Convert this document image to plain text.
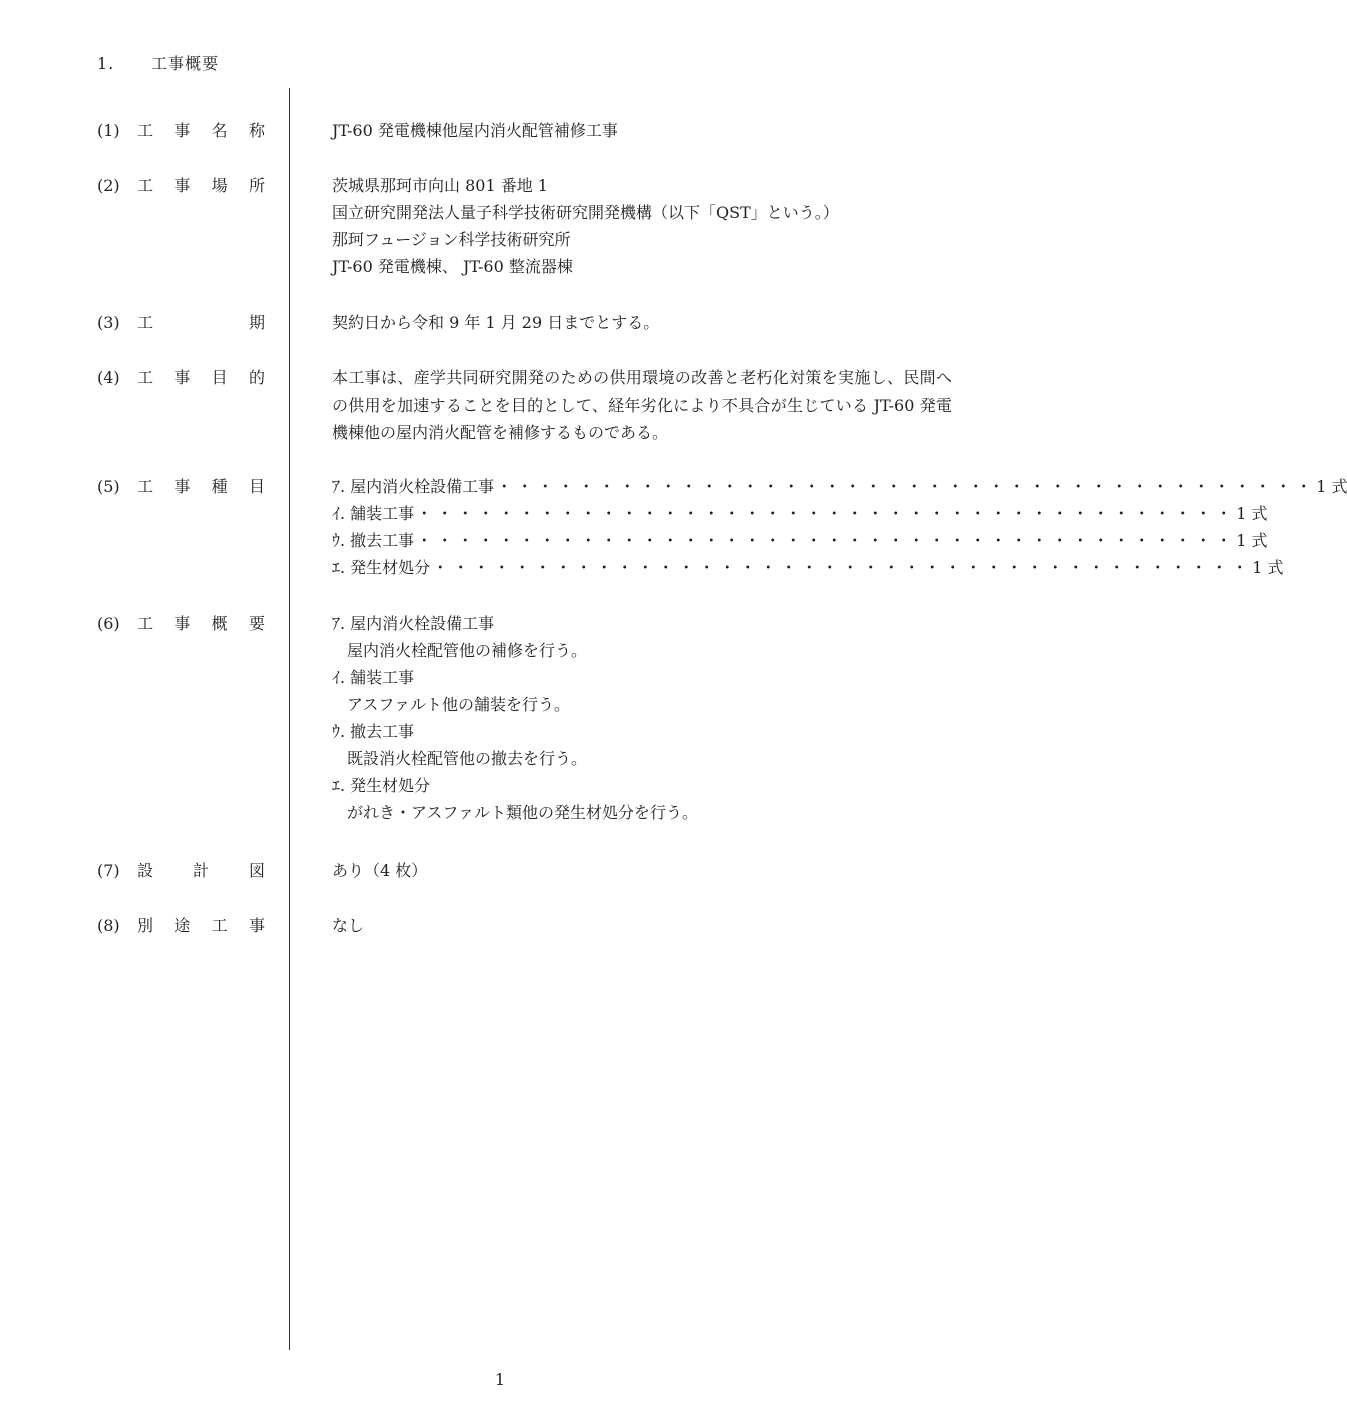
1. 工事概要
(1) 工 事 名 称	JT-60 発電機棟他屋内消火配管補修工事
(2) 工 事 場 所	茨城県那珂市向山 801 番地 1
国立研究開発法人量子科学技術研究開発機構（以下「QST」という。）
那珂フュージョン科学技術研究所
JT-60 発電機棟、 JT-60 整流器棟
(3) 工	期	契約日から令和 9 年 1 月 29 日までとする。
(4) 工 事 目 的	本工事は、産学共同研究開発のための供用環境の改善と老朽化対策を実施し、民間への供用を加速することを目的として、経年劣化により不具合が生じている JT-60 発電機棟他の屋内消火配管を補修するものである。
(5) 工 事 種 目	ｱ. 屋内消火栓設備工事 ・・・・・・・・・・・・・・・・・・・・・・・・・・・・・・・・・・・・・・・・ 1 式
ｲ. 舗装工事 ・・・・・・・・・・・・・・・・・・・・・・・・・・・・・・・・・・・・・・・・ 1 式
ｳ. 撤去工事 ・・・・・・・・・・・・・・・・・・・・・・・・・・・・・・・・・・・・・・・・ 1 式
ｴ. 発生材処分 ・・・・・・・・・・・・・・・・・・・・・・・・・・・・・・・・・・・・・・・・ 1 式
(6) 工 事 概 要	ｱ. 屋内消火栓設備工事
屋内消火栓配管他の補修を行う。
ｲ. 舗装工事
アスファルト他の舗装を行う。
ｳ. 撤去工事
既設消火栓配管他の撤去を行う。
ｴ. 発生材処分
がれき・アスファルト類他の発生材処分を行う。
(7) 設 計 図	あり（4 枚）
(8) 別 途 工 事	なし
1
